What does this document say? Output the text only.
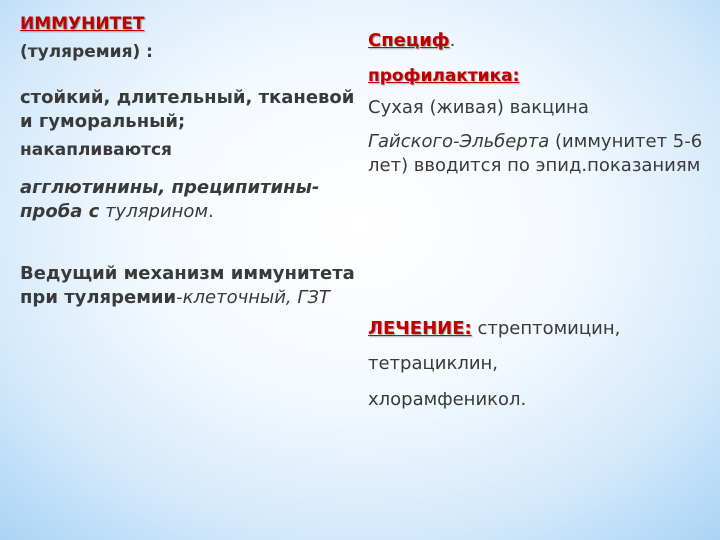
ИММУНИТЕТ

(туляремия) :

стойкий, длительный, тканевой и гуморальный;

накапливаются

агглютинины, преципитины-проба с тулярином.

Ведущий механизм иммунитета при туляремии-клеточный, ГЗТ

Специф.

профилактика:

Сухая (живая) вакцина

Гайского-Эльберта (иммунитет 5-6 лет) вводится по эпид.показаниям

ЛЕЧЕНИЕ: стрептомицин,

тетрациклин,

хлорамфеникол.
